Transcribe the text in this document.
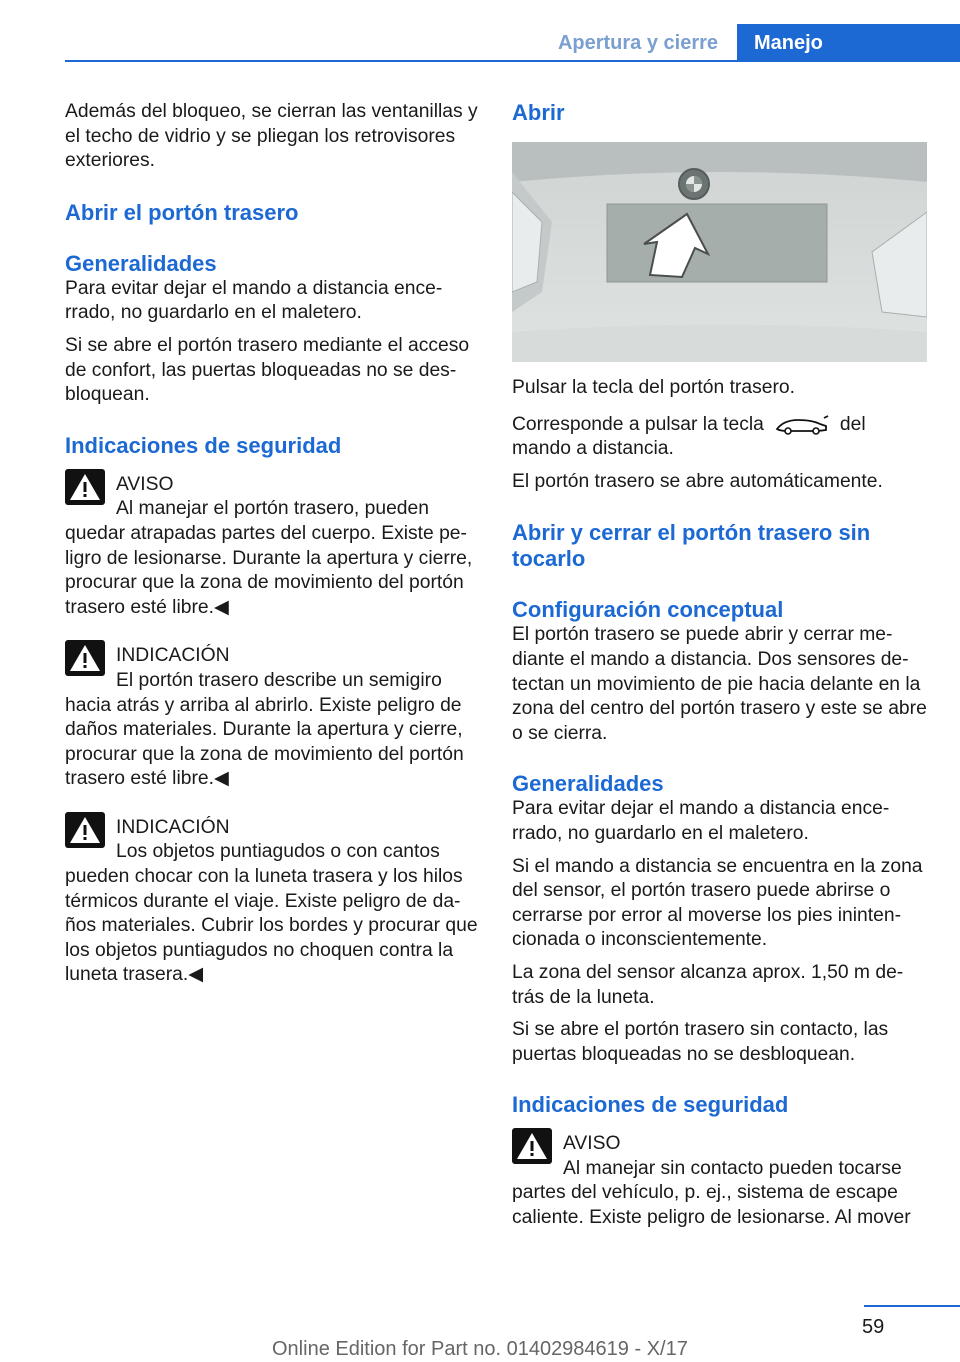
Apertura y cierre	Manejo

Además del bloqueo, se cierran las ventanillas y el techo de vidrio y se pliegan los retrovisores exteriores.

Abrir el portón trasero
Generalidades

Para evitar dejar el mando a distancia encerrado, no guardarlo en el maletero.

Si se abre el portón trasero mediante el acceso de confort, las puertas bloqueadas no se desbloquean.

Indicaciones de seguridad

AVISO

Al manejar el portón trasero, pueden quedar atrapadas partes del cuerpo. Existe peligro de lesionarse. Durante la apertura y cierre, procurar que la zona de movimiento del portón trasero esté libre.◀

INDICACIÓN

El portón trasero describe un semigiro hacia atrás y arriba al abrirlo. Existe peligro de daños materiales. Durante la apertura y cierre, procurar que la zona de movimiento del portón trasero esté libre.◀

INDICACIÓN

Los objetos puntiagudos o con cantos pueden chocar con la luneta trasera y los hilos térmicos durante el viaje. Existe peligro de daños materiales. Cubrir los bordes y procurar que los objetos puntiagudos no choquen contra la luneta trasera.◀

Abrir

Pulsar la tecla del portón trasero.

Corresponde a pulsar la tecla	del mando a distancia.

El portón trasero se abre automáticamente.

Abrir y cerrar el portón trasero sin tocarlo
Configuración conceptual

El portón trasero se puede abrir y cerrar mediante el mando a distancia. Dos sensores detectan un movimiento de pie hacia delante en la zona del centro del portón trasero y este se abre o se cierra.

Generalidades

Para evitar dejar el mando a distancia encerrado, no guardarlo en el maletero.

Si el mando a distancia se encuentra en la zona del sensor, el portón trasero puede abrirse o cerrarse por error al moverse los pies inintencionada o inconscientemente.

La zona del sensor alcanza aprox. 1,50 m detrás de la luneta.

Si se abre el portón trasero sin contacto, las puertas bloqueadas no se desbloquean.

Indicaciones de seguridad

AVISO

Al manejar sin contacto pueden tocarse partes del vehículo, p. ej., sistema de escape caliente. Existe peligro de lesionarse. Al mover

59
Online Edition for Part no. 01402984619 - X/17
